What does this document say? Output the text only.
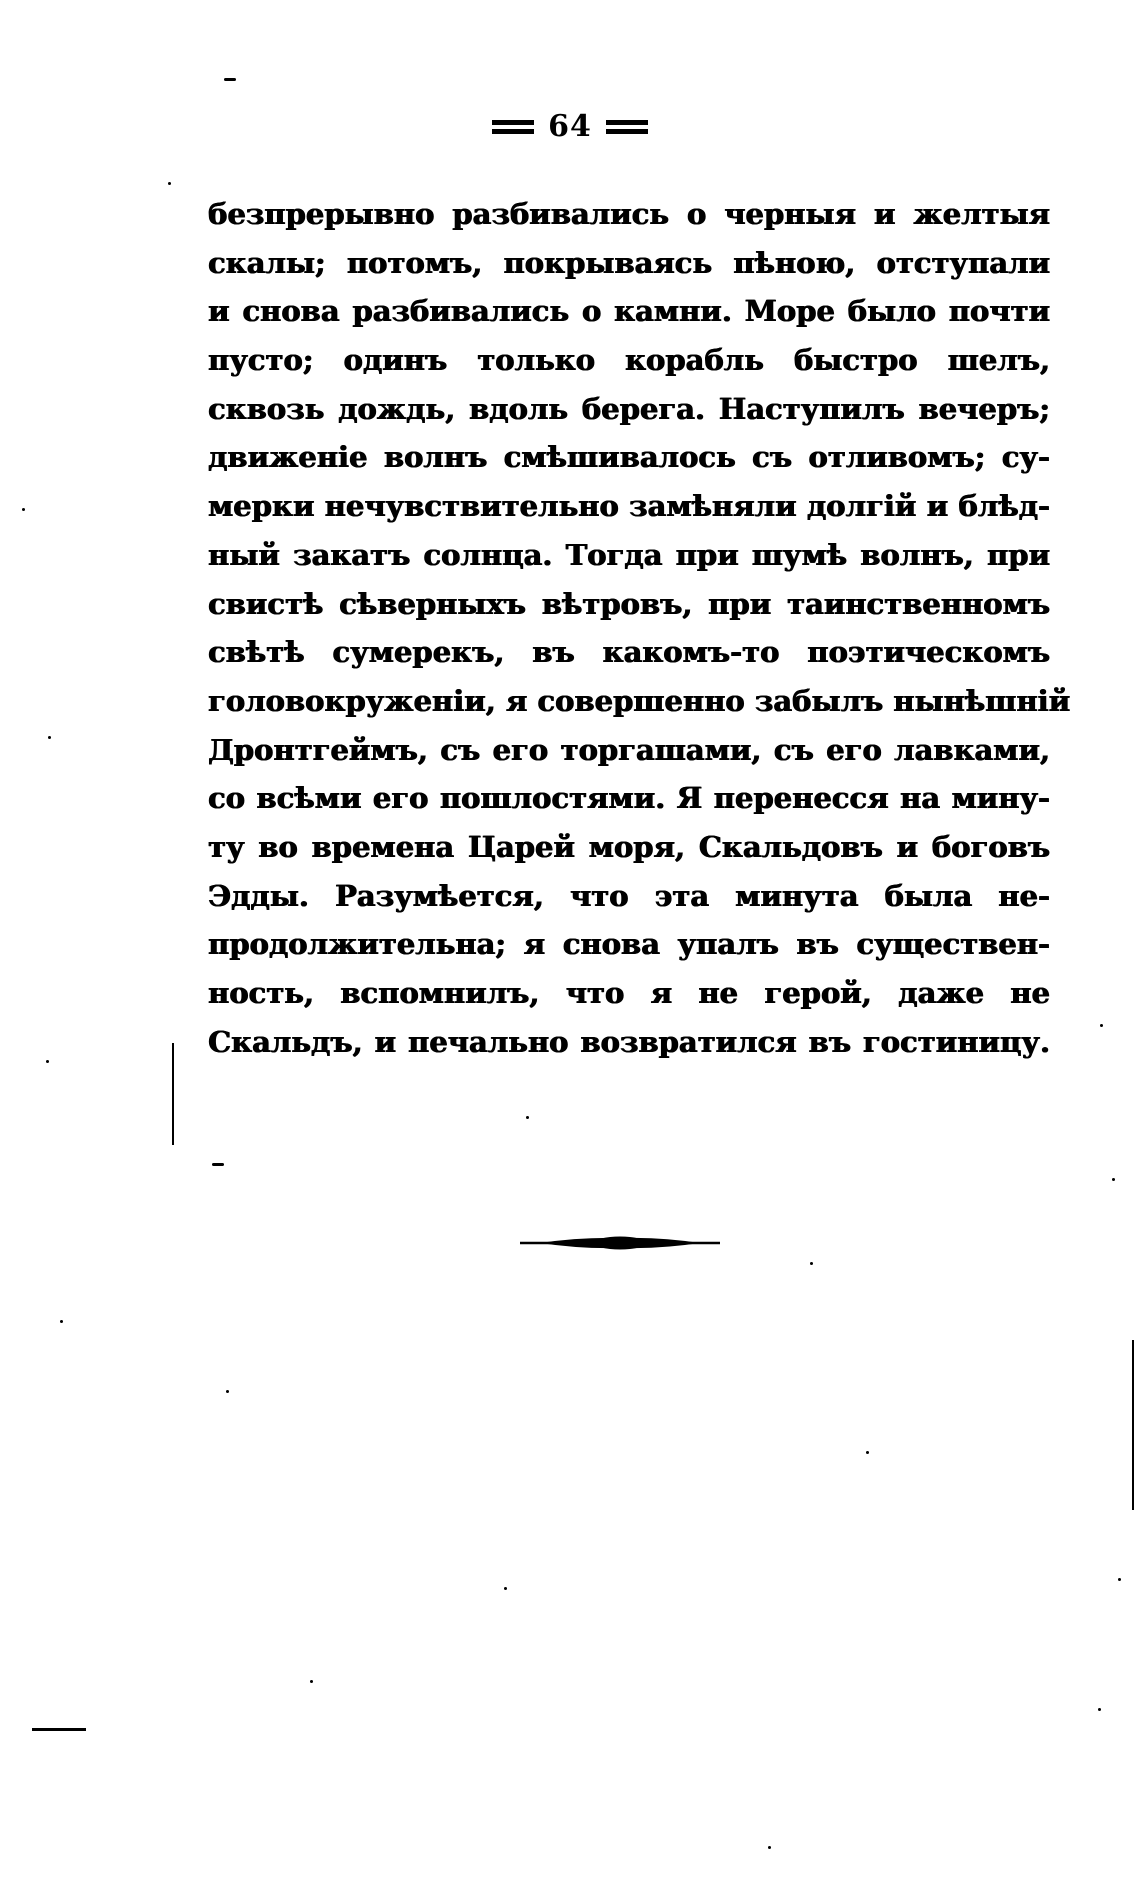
64
безпрерывно разбивались о черныя и желтыя
скалы; потомъ, покрываясь пѣною, отступали
и снова разбивались о камни. Море было почти
пусто; одинъ только корабль быстро шелъ,
сквозь дождь, вдоль берега. Наступилъ вечеръ;
движеніе волнъ смѣшивалось съ отливомъ; су-
мерки нечувствительно замѣняли долгій и блѣд-
ный закатъ солнца. Тогда при шумѣ волнъ, при
свистѣ сѣверныхъ вѣтровъ, при таинственномъ
свѣтѣ сумерекъ, въ какомъ-то поэтическомъ
головокруженіи, я совершенно забылъ нынѣшній
Дронтгеймъ, съ его торгашами, съ его лавками,
со всѣми его пошлостями. Я перенесся на мину-
ту во времена Царей моря, Скальдовъ и боговъ
Эдды. Разумѣется, что эта минута была не-
продолжительна; я снова упалъ въ существен-
ность, вспомнилъ, что я не герой, даже не
Скальдъ, и печально возвратился въ гостиницу.
